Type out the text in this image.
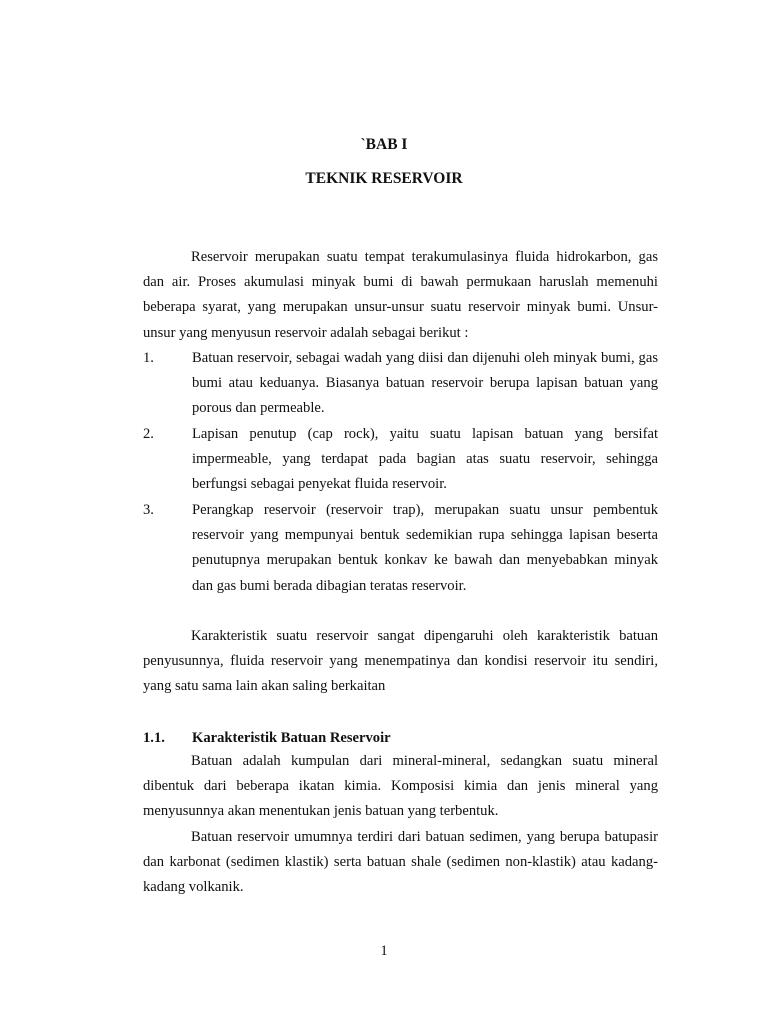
`BAB I
TEKNIK RESERVOIR

Reservoir merupakan suatu tempat terakumulasinya fluida hidrokarbon, gas dan air. Proses akumulasi minyak bumi di bawah permukaan haruslah memenuhi beberapa syarat, yang merupakan unsur-unsur suatu reservoir minyak bumi. Unsur-unsur yang menyusun reservoir adalah sebagai berikut :

1.	Batuan reservoir, sebagai wadah yang diisi dan dijenuhi oleh minyak bumi, gas bumi atau keduanya. Biasanya batuan reservoir berupa lapisan batuan yang porous dan permeable.
2.	Lapisan penutup (cap rock), yaitu suatu lapisan batuan yang bersifat impermeable, yang terdapat pada bagian atas suatu reservoir, sehingga berfungsi sebagai penyekat fluida reservoir.
3.	Perangkap reservoir (reservoir trap), merupakan suatu unsur pembentuk reservoir yang mempunyai bentuk sedemikian rupa sehingga lapisan beserta penutupnya merupakan bentuk konkav ke bawah dan menyebabkan minyak dan gas bumi berada dibagian teratas reservoir.

Karakteristik suatu reservoir sangat dipengaruhi oleh karakteristik batuan penyusunnya, fluida reservoir yang menempatinya dan kondisi reservoir itu sendiri, yang satu sama lain akan saling berkaitan

1.1. Karakteristik Batuan Reservoir

Batuan adalah kumpulan dari mineral-mineral, sedangkan suatu mineral dibentuk dari beberapa ikatan kimia. Komposisi kimia dan jenis mineral yang menyusunnya akan menentukan jenis batuan yang terbentuk.

Batuan reservoir umumnya terdiri dari batuan sedimen, yang berupa batupasir dan karbonat (sedimen klastik) serta batuan shale (sedimen non-klastik) atau kadang-kadang volkanik.

1
